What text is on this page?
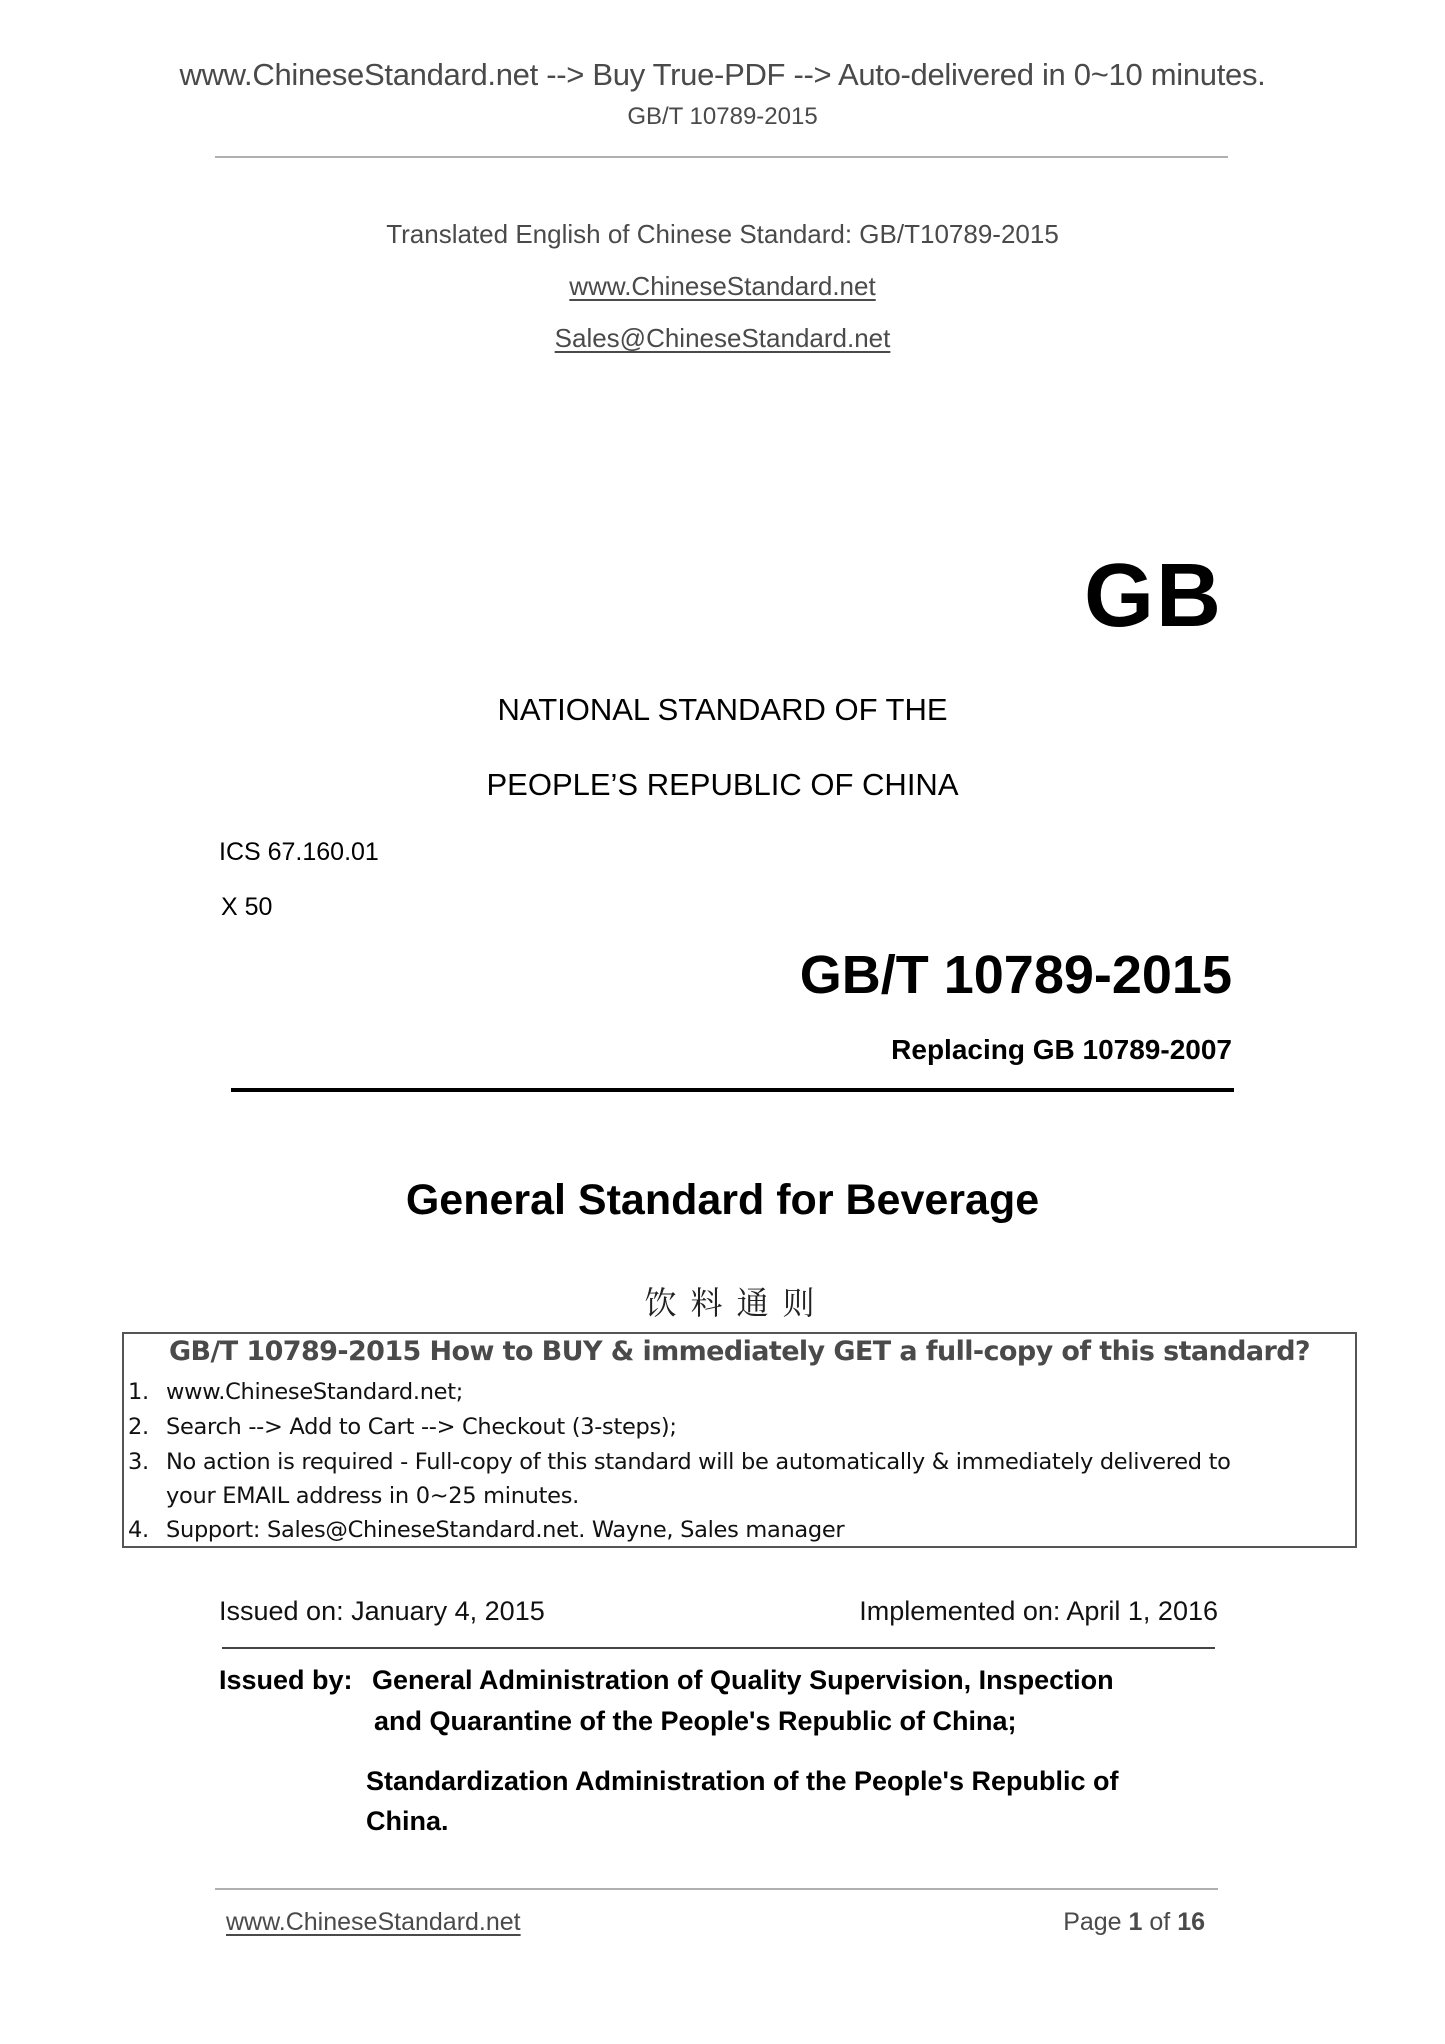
www.ChineseStandard.net --> Buy True-PDF --> Auto-delivered in 0~10 minutes.
GB/T 10789-2015
Translated English of Chinese Standard: GB/T10789-2015
www.ChineseStandard.net
Sales@ChineseStandard.net
GB
NATIONAL STANDARD OF THE
PEOPLE’S REPUBLIC OF CHINA
ICS 67.160.01
X 50
GB/T 10789-2015
Replacing GB 10789-2007
General Standard for Beverage
饮料通则
GB/T 10789-2015 How to BUY & immediately GET a full-copy of this standard?
1. www.ChineseStandard.net;
2. Search --> Add to Cart --> Checkout (3-steps);
3. No action is required - Full-copy of this standard will be automatically & immediately delivered to
your EMAIL address in 0~25 minutes.
4. Support: Sales@ChineseStandard.net. Wayne, Sales manager
Issued on: January 4, 2015	Implemented on: April 1, 2016
Issued by: General Administration of Quality Supervision, Inspection
and Quarantine of the People's Republic of China;
Standardization Administration of the People's Republic of
China.
www.ChineseStandard.net	Page 1 of 16
